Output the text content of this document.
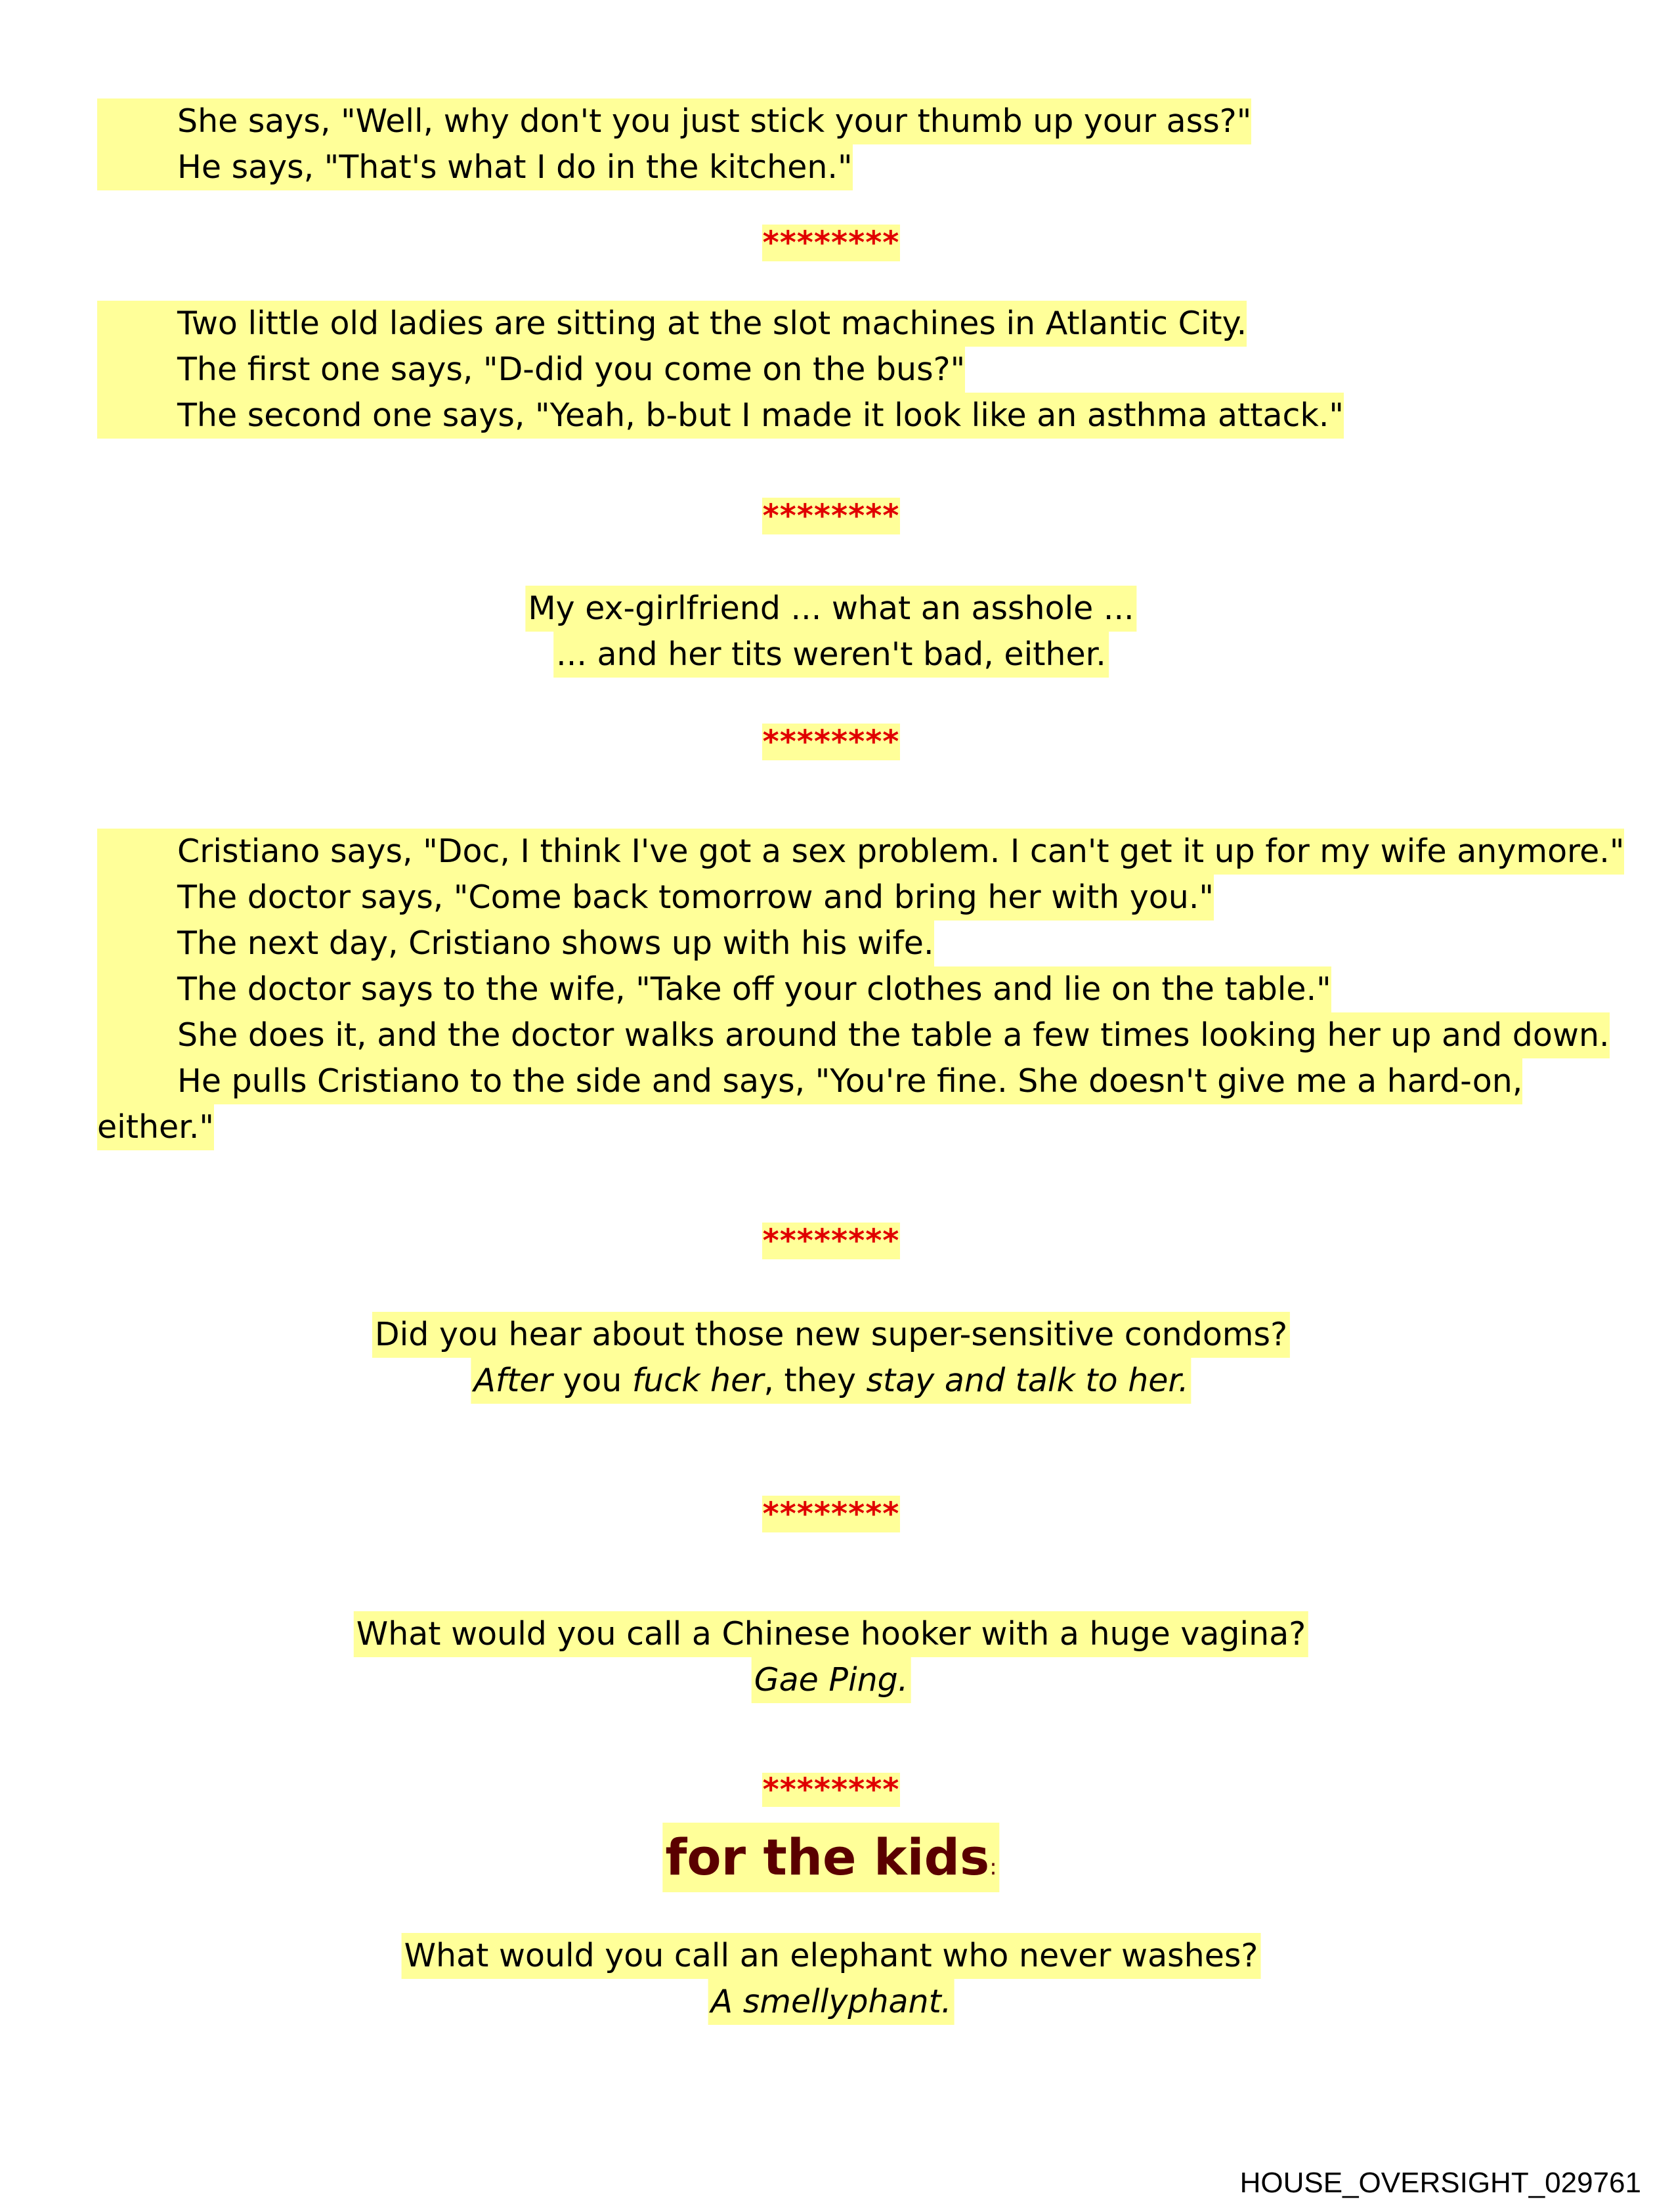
She says, "Well, why don't you just stick your thumb up your ass?"
He says, "That's what I do in the kitchen."
********
Two little old ladies are sitting at the slot machines in Atlantic City.
The first one says, "D-did you come on the bus?"
The second one says, "Yeah, b-but I made it look like an asthma attack."
********
My ex-girlfriend ... what an asshole ...
... and her tits weren't bad, either.
********
Cristiano says, "Doc, I think I've got a sex problem. I can't get it up for my wife anymore."
The doctor says, "Come back tomorrow and bring her with you."
The next day, Cristiano shows up with his wife.
The doctor says to the wife, "Take off your clothes and lie on the table."
She does it, and the doctor walks around the table a few times looking her up and down.
He pulls Cristiano to the side and says, "You're fine. She doesn't give me a hard-on,
either."
********
Did you hear about those new super-sensitive condoms?
After you fuck her, they stay and talk to her.
********
What would you call a Chinese hooker with a huge vagina?
Gae Ping.
********
for the kids:
What would you call an elephant who never washes?
A smellyphant.
HOUSE_OVERSIGHT_029761
